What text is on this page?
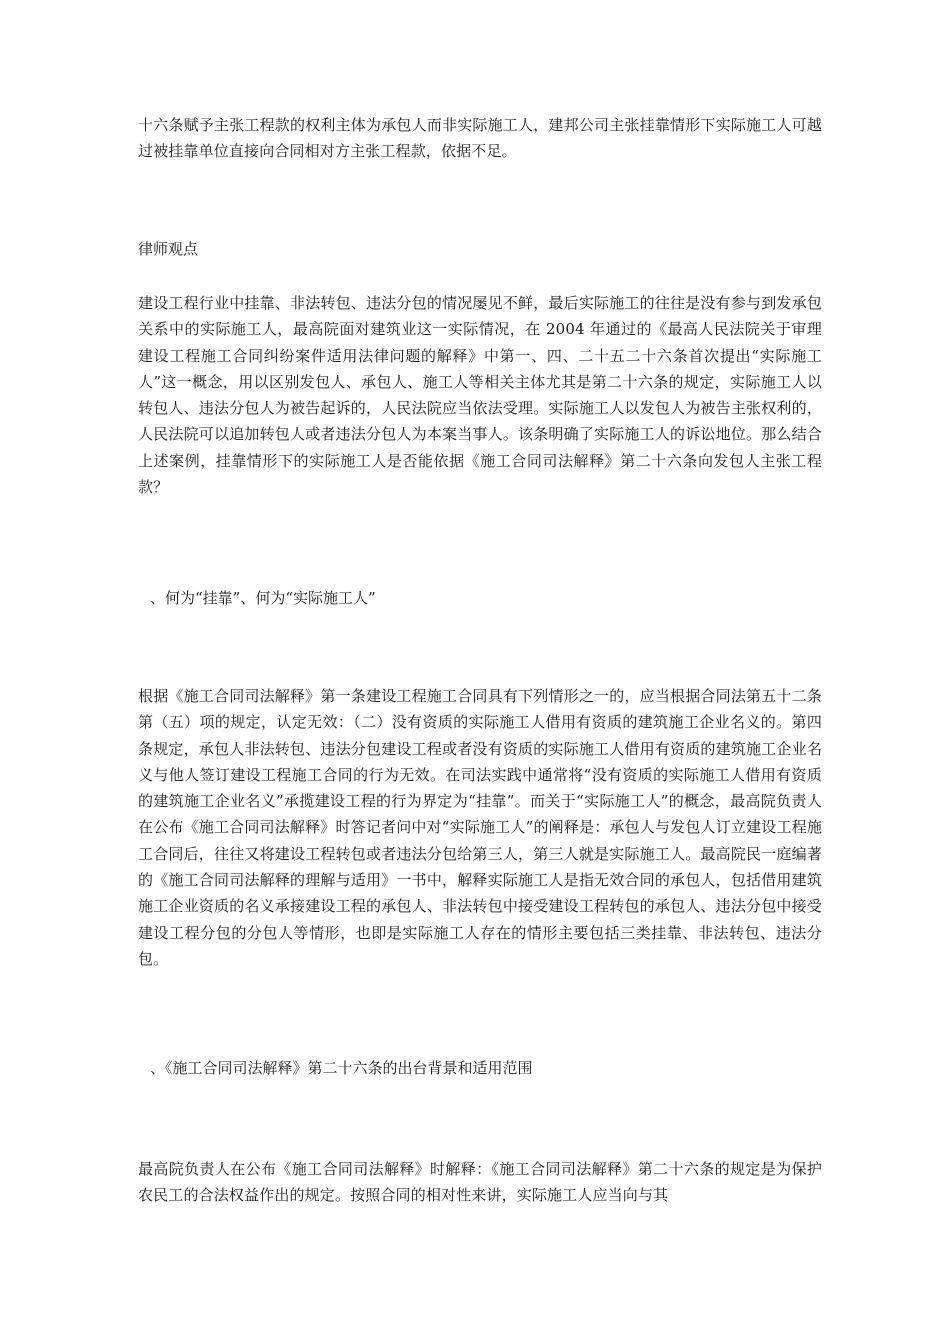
十六条赋予主张工程款的权利主体为承包人而非实际施工人，建邦公司主张挂靠情形下实际施工人可越过被挂靠单位直接向合同相对方主张工程款，依据不足。

律师观点

建设工程行业中挂靠、非法转包、违法分包的情况屡见不鲜，最后实际施工的往往是没有参与到发承包关系中的实际施工人，最高院面对建筑业这一实际情况，在 2004 年通过的《最高人民法院关于审理建设工程施工合同纠纷案件适用法律问题的解释》中第一、四、二十五二十六条首次提出“实际施工人”这一概念，用以区别发包人、承包人、施工人等相关主体尤其是第二十六条的规定，实际施工人以转包人、违法分包人为被告起诉的，人民法院应当依法受理。实际施工人以发包人为被告主张权利的，人民法院可以追加转包人或者违法分包人为本案当事人。该条明确了实际施工人的诉讼地位。那么结合上述案例，挂靠情形下的实际施工人是否能依据《施工合同司法解释》第二十六条向发包人主张工程款？

、何为“挂靠”、何为“实际施工人”

根据《施工合同司法解释》第一条建设工程施工合同具有下列情形之一的，应当根据合同法第五十二条第（五）项的规定，认定无效：（二）没有资质的实际施工人借用有资质的建筑施工企业名义的。第四条规定，承包人非法转包、违法分包建设工程或者没有资质的实际施工人借用有资质的建筑施工企业名义与他人签订建设工程施工合同的行为无效。在司法实践中通常将“没有资质的实际施工人借用有资质的建筑施工企业名义”承揽建设工程的行为界定为“挂靠”。而关于“实际施工人”的概念，最高院负责人在公布《施工合同司法解释》时答记者问中对“实际施工人”的阐释是：承包人与发包人订立建设工程施工合同后，往往又将建设工程转包或者违法分包给第三人，第三人就是实际施工人。最高院民一庭编著的《施工合同司法解释的理解与适用》一书中，解释实际施工人是指无效合同的承包人，包括借用建筑施工企业资质的名义承接建设工程的承包人、非法转包中接受建设工程转包的承包人、违法分包中接受建设工程分包的分包人等情形，也即是实际施工人存在的情形主要包括三类挂靠、非法转包、违法分包。

、《施工合同司法解释》第二十六条的出台背景和适用范围

最高院负责人在公布《施工合同司法解释》时解释：《施工合同司法解释》第二十六条的规定是为保护农民工的合法权益作出的规定。按照合同的相对性来讲，实际施工人应当向与其
